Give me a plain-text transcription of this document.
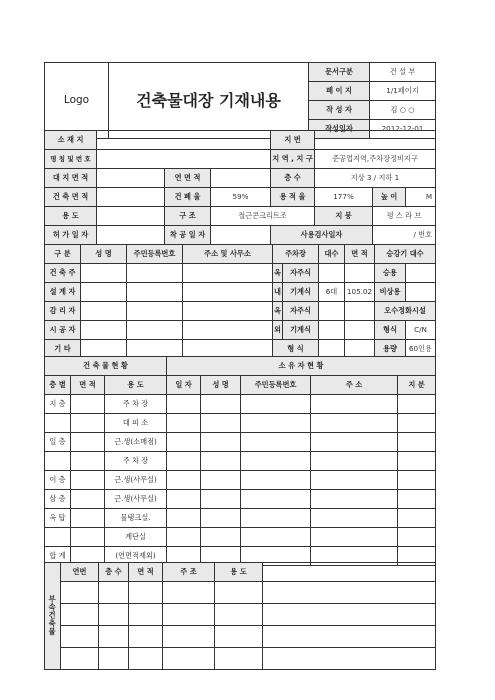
Logo	건축물대장 기재내용	문서구분	건 설 부
		페 이 지	1/1페이지
		작 성 자	김 ○ ○
		작성일자	2012-12-01
소 재 지				지 번			
명 칭 및 번 호				지 역 , 지 구	준공업지역,주차장정비지구		
대 지 면 적		연 면 적		층 수	지상 3 / 지하 1		
건 축 면 적		건 폐 율	59%	용 적 율	177%	높 이	M
용 도		구 조	철근콘크리트조		지 붕	평 스 라 브	
허 가 일 자		착 공 일 자		사용검사일자		/ 번호	
구 분	성 명	주민등록번호	주소 및 사무소	주차장		대수	면 적	승강기 대수	
건 축 주				옥	자주식			승용	
설 계 자				내	기계식	6대	105.02	비상용	
감 리 자				옥	자주식			오수정화시설	
시 공 자				외	기계식			형식	C/N
기 타				형 식				용량	60인용
건 축 물 현 황			소 유 자 현 황				
층 별	면 적	용 도	일 자	성 명	주민등록번호	주 소	지 분
지 층		주 차 장					
		대 피 소					
일 층		근.생(소매점)					
		주 차 장					
이 층		근.생(사무실)					
삼 층		근.생(사무실)					
옥 탑		물탱크실.					
		계단실					
합 계		(연면적제외)					
부속건축물	연번	층 수	면 적	주 조	용 도	
